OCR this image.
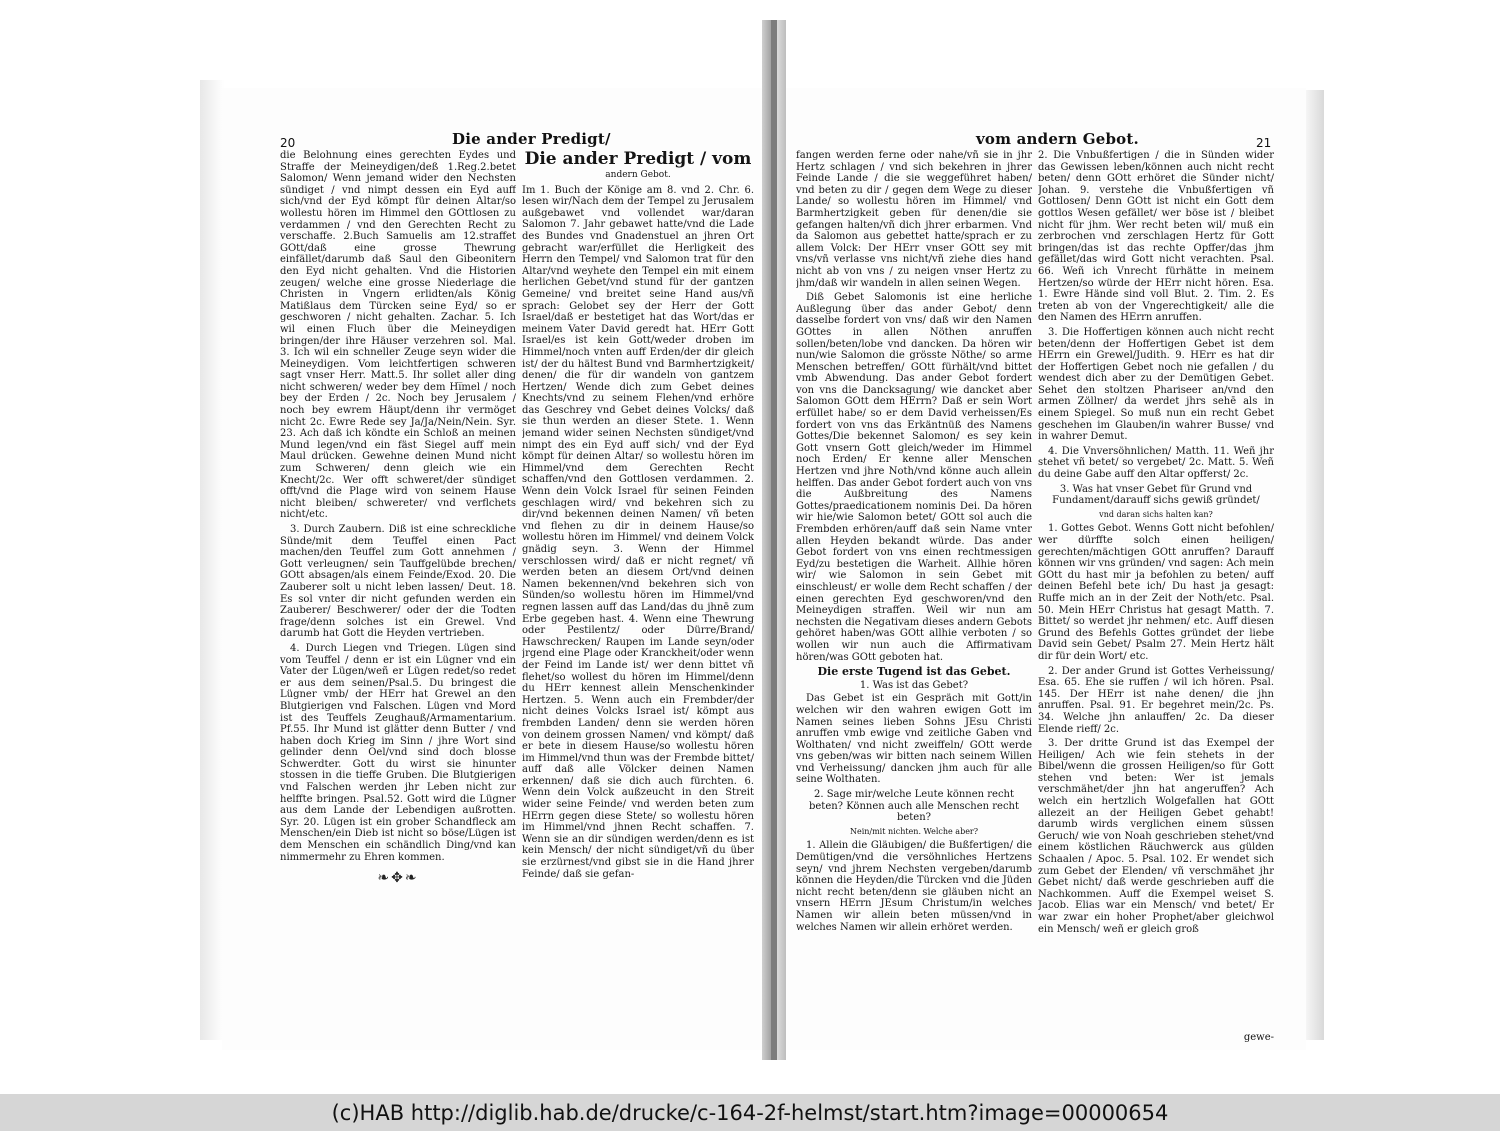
20	Die ander Predigt/

die Belohnung eines gerechten Eydes und Straffe der Meineydigen/deß 1.Reg.2.betet Salomon/ Wenn jemand wider den Nechsten sündiget / vnd nimpt dessen ein Eyd auff sich/vnd der Eyd kömpt für deinen Altar/so wollestu hören im Himmel den GOttlosen zu verdammen / vnd den Gerechten Recht zu verschaffe. 2.Buch Samuelis am 12.straffet GOtt/daß eine grosse Thewrung einfället/darumb daß Saul den Gibeonitern den Eyd nicht gehalten. Vnd die Historien zeugen/ welche eine grosse Niederlage die Christen in Vngern erlidten/als König Matißlaus dem Türcken seine Eyd/ so er geschworen / nicht gehalten. Zachar. 5. Ich wil einen Fluch über die Meineydigen bringen/der ihre Häuser verzehren sol. Mal. 3. Ich wil ein schneller Zeuge seyn wider die Meineydigen. Vom leichtfertigen schweren sagt vnser Herr. Matt.5. Ihr sollet aller ding nicht schweren/ weder bey dem Hi̅mel / noch bey der Erden / 2c. Noch bey Jerusalem / noch bey ewrem Häupt/denn ihr vermöget nicht 2c. Ewre Rede sey Ja/Ja/Nein/Nein. Syr. 23. Ach daß ich köndte ein Schloß an meinen Mund legen/vnd ein fäst Siegel auff mein Maul drücken. Gewehne deinen Mund nicht zum Schweren/ denn gleich wie ein Knecht/2c. Wer offt schweret/der sündiget offt/vnd die Plage wird von seinem Hause nicht bleiben/ schwereter/ vnd verflchets nicht/etc.

3. Durch Zaubern. Diß ist eine schreckliche Sünde/mit dem Teuffel einen Pact machen/den Teuffel zum Gott annehmen / Gott verleugnen/ sein Tauffgelübde brechen/ GOtt absagen/als einem Feinde/Exod. 20. Die Zauberer solt u nicht leben lassen/ Deut. 18. Es sol vnter dir nicht gefunden werden ein Zauberer/ Beschwerer/ oder der die Todten frage/denn solches ist ein Grewel. Vnd darumb hat Gott die Heyden vertrieben.

4. Durch Liegen vnd Triegen. Lügen sind vom Teuffel / denn er ist ein Lügner vnd ein Vater der Lügen/weñ er Lügen redet/so redet er aus dem seinen/Psal.5. Du bringest die Lügner vmb/ der HErr hat Grewel an den Blutgierigen vnd Falschen. Lügen vnd Mord ist des Teuffels Zeughauß/Armamentarium. Pf.55. Ihr Mund ist glätter denn Butter / vnd haben doch Krieg im Sinn / jhre Wort sind gelinder denn Oel/vnd sind doch blosse Schwerdter. Gott du wirst sie hinunter stossen in die tieffe Gruben. Die Blutgierigen vnd Falschen werden jhr Leben nicht zur helffte bringen. Psal.52. Gott wird die Lügner aus dem Lande der Lebendigen außrotten. Syr. 20. Lügen ist ein grober Schandfleck am Menschen/ein Dieb ist nicht so böse/Lügen ist dem Menschen ein schändlich Ding/vnd kan nimmermehr zu Ehren kommen.

❧✥❧
Die ander Predigt / vom
andern Gebot.

Im 1. Buch der Könige am 8. vnd 2. Chr. 6. lesen wir/Nach dem der Tempel zu Jerusalem außgebawet vnd vollendet war/daran Salomon 7. Jahr gebawet hatte/vnd die Lade des Bundes vnd Gnadenstuel an jhren Ort gebracht war/erfüllet die Herligkeit des Herrn den Tempel/ vnd Salomon trat für den Altar/vnd weyhete den Tempel ein mit einem herlichen Gebet/vnd stund für der gantzen Gemeine/ vnd breitet seine Hand aus/vñ sprach: Gelobet sey der Herr der Gott Israel/daß er bestetiget hat das Wort/das er meinem Vater David geredt hat. HErr Gott Israel/es ist kein Gott/weder droben im Himmel/noch vnten auff Erden/der dir gleich ist/ der du hältest Bund vnd Barmhertzigkeit/ denen/ die für dir wandeln von gantzem Hertzen/ Wende dich zum Gebet deines Knechts/vnd zu seinem Flehen/vnd erhöre das Geschrey vnd Gebet deines Volcks/ daß sie thun werden an dieser Stete. 1. Wenn jemand wider seinen Nechsten sündiget/vnd nimpt des ein Eyd auff sich/ vnd der Eyd kömpt für deinen Altar/ so wollestu hören im Himmel/vnd dem Gerechten Recht schaffen/vnd den Gottlosen verdammen. 2. Wenn dein Volck Israel für seinen Feinden geschlagen wird/ vnd bekehren sich zu dir/vnd bekennen deinen Namen/ vñ beten vnd flehen zu dir in deinem Hause/so wollestu hören im Himmel/ vnd deinem Volck gnädig seyn. 3. Wenn der Himmel verschlossen wird/ daß er nicht regnet/ vñ werden beten an diesem Ort/vnd deinen Namen bekennen/vnd bekehren sich von Sünden/so wollestu hören im Himmel/vnd regnen lassen auff das Land/das du jhnē zum Erbe gegeben hast. 4. Wenn eine Thewrung oder Pestilentz/ oder Dürre/Brand/ Hawschrecken/ Raupen im Lande seyn/oder jrgend eine Plage oder Kranckheit/oder wenn der Feind im Lande ist/ wer denn bittet vñ flehet/so wollest du hören im Himmel/denn du HErr kennest allein Menschenkinder Hertzen. 5. Wenn auch ein Frembder/der nicht deines Volcks Israel ist/ kömpt aus frembden Landen/ denn sie werden hören von deinem grossen Namen/ vnd kömpt/ daß er bete in diesem Hause/so wollestu hören im Himmel/vnd thun was der Frembde bittet/ auff daß alle Völcker deinen Namen erkennen/ daß sie dich auch fürchten. 6. Wenn dein Volck außzeucht in den Streit wider seine Feinde/ vnd werden beten zum HErrn gegen diese Stete/ so wollestu hören im Himmel/vnd jhnen Recht schaffen. 7. Wenn sie an dir sündigen werden/denn es ist kein Mensch/ der nicht sündiget/vñ du über sie erzürnest/vnd gibst sie in die Hand jhrer Feinde/ daß sie gefan-

vom andern Gebot.	21

fangen werden ferne oder nahe/vñ sie in jhr Hertz schlagen / vnd sich bekehren in jhrer Feinde Lande / die sie weggeführet haben/ vnd beten zu dir / gegen dem Wege zu dieser Lande/ so wollestu hören im Himmel/ vnd Barmhertzigkeit geben für denen/die sie gefangen halten/vñ dich jhrer erbarmen. Vnd da Salomon aus gebettet hatte/sprach er zu allem Volck: Der HErr vnser GOtt sey mit vns/vñ verlasse vns nicht/vñ ziehe dies hand nicht ab von vns / zu neigen vnser Hertz zu jhm/daß wir wandeln in allen seinen Wegen.

Diß Gebet Salomonis ist eine herliche Außlegung über das ander Gebot/ denn dasselbe fordert von vns/ daß wir den Namen GOttes in allen Nöthen anruffen sollen/beten/lobe vnd dancken. Da hören wir nun/wie Salomon die grösste Nöthe/ so arme Menschen betreffen/ GOtt fürhält/vnd bittet vmb Abwendung. Das ander Gebot fordert von vns die Dancksagung/ wie dancket aber Salomon GOtt dem HErrn? Daß er sein Wort erfüllet habe/ so er dem David verheissen/Es fordert von vns das Erkäntnüß des Namens Gottes/Die bekennet Salomon/ es sey kein Gott vnsern Gott gleich/weder im Himmel noch Erden/ Er kenne aller Menschen Hertzen vnd jhre Noth/vnd könne auch allein helffen. Das ander Gebot fordert auch von vns die Außbreitung des Namens Gottes/praedicationem nominis Dei. Da hören wir hie/wie Salomon betet/ GOtt sol auch die Frembden erhören/auff daß sein Name vnter allen Heyden bekandt würde. Das ander Gebot fordert von vns einen rechtmessigen Eyd/zu bestetigen die Warheit. Allhie hören wir/ wie Salomon in sein Gebet mit einschleust/ er wolle dem Recht schaffen / der einen gerechten Eyd geschworen/vnd den Meineydigen straffen. Weil wir nun am nechsten die Negativam dieses andern Gebots gehöret haben/was GOtt allhie verboten / so wollen wir nun auch die Affirmativam hören/was GOtt geboten hat.

Die erste Tugend ist das Gebet.
1. Was ist das Gebet?

Das Gebet ist ein Gespräch mit Gott/in welchen wir den wahren ewigen Gott im Namen seines lieben Sohns JEsu Christi anruffen vmb ewige vnd zeitliche Gaben vnd Wolthaten/ vnd nicht zweiffeln/ GOtt werde vns geben/was wir bitten nach seinem Willen vnd Verheissung/ dancken jhm auch für alle seine Wolthaten.

2. Sage mir/welche Leute können recht beten? Können auch alle Menschen recht beten?
Nein/mit nichten. Welche aber?

1. Allein die Gläubigen/ die Bußfertigen/ die Demütigen/vnd die versöhnliches Hertzens seyn/ vnd jhrem Nechsten vergeben/darumb können die Heyden/die Türcken vnd die Jüden nicht recht beten/denn sie gläuben nicht an vnsern HErrn JEsum Christum/in welches Namen wir allein beten müssen/vnd in welches Namen wir allein erhöret werden.

2. Die Vnbußfertigen / die in Sünden wider das Gewissen leben/können auch nicht recht beten/ denn GOtt erhöret die Sünder nicht/ Johan. 9. verstehe die Vnbußfertigen vñ Gottlosen/ Denn GOtt ist nicht ein Gott dem gottlos Wesen gefället/ wer böse ist / bleibet nicht für jhm. Wer recht beten wil/ muß ein zerbrochen vnd zerschlagen Hertz für Gott bringen/das ist das rechte Opffer/das jhm gefället/das wird Gott nicht verachten. Psal. 66. Weñ ich Vnrecht fürhätte in meinem Hertzen/so würde der HErr nicht hören. Esa. 1. Ewre Hände sind voll Blut. 2. Tim. 2. Es treten ab von der Vngerechtigkeit/ alle die den Namen des HErrn anruffen.

3. Die Hoffertigen können auch nicht recht beten/denn der Hoffertigen Gebet ist dem HErrn ein Grewel/Judith. 9. HErr es hat dir der Hoffertigen Gebet noch nie gefallen / du wendest dich aber zu der Demütigen Gebet. Sehet den stoltzen Phariseer an/vnd den armen Zöllner/ da werdet jhrs sehē als in einem Spiegel. So muß nun ein recht Gebet geschehen im Glauben/in wahrer Busse/ vnd in wahrer Demut.

4. Die Vnversöhnlichen/ Matth. 11. Weñ jhr stehet vñ betet/ so vergebet/ 2c. Matt. 5. Weñ du deine Gabe auff den Altar opfferst/ 2c.

3. Was hat vnser Gebet für Grund vnd Fundament/darauff sichs gewiß gründet/
vnd daran sichs halten kan?

1. Gottes Gebot. Wenns Gott nicht befohlen/ wer dürffte solch einen heiligen/ gerechten/mächtigen GOtt anruffen? Darauff können wir vns gründen/ vnd sagen: Ach mein GOtt du hast mir ja befohlen zu beten/ auff deinen Befehl bete ich/ Du hast ja gesagt: Ruffe mich an in der Zeit der Noth/etc. Psal. 50. Mein HErr Christus hat gesagt Matth. 7. Bittet/ so werdet jhr nehmen/ etc. Auff diesen Grund des Befehls Gottes gründet der liebe David sein Gebet/ Psalm 27. Mein Hertz hält dir für dein Wort/ etc.

2. Der ander Grund ist Gottes Verheissung/ Esa. 65. Ehe sie ruffen / wil ich hören. Psal. 145. Der HErr ist nahe denen/ die jhn anruffen. Psal. 91. Er begehret mein/2c. Ps. 34. Welche jhn anlauffen/ 2c. Da dieser Elende rieff/ 2c.

3. Der dritte Grund ist das Exempel der Heiligen/ Ach wie fein stehets in der Bibel/wenn die grossen Heiligen/so für Gott stehen vnd beten: Wer ist jemals verschmähet/der jhn hat angeruffen? Ach welch ein hertzlich Wolgefallen hat GOtt allezeit an der Heiligen Gebet gehabt! darumb wirds verglichen einem süssen Geruch/ wie von Noah geschrieben stehet/vnd einem köstlichen Räuchwerck aus gülden Schaalen / Apoc. 5. Psal. 102. Er wendet sich zum Gebet der Elenden/ vñ verschmähet jhr Gebet nicht/ daß werde geschrieben auff die Nachkommen. Auff die Exempel weiset S. Jacob. Elias war ein Mensch/ vnd betet/ Er war zwar ein hoher Prophet/aber gleichwol ein Mensch/ weñ er gleich groß

gewe-
(c)HAB http://diglib.hab.de/drucke/c-164-2f-helmst/start.htm?image=00000654
